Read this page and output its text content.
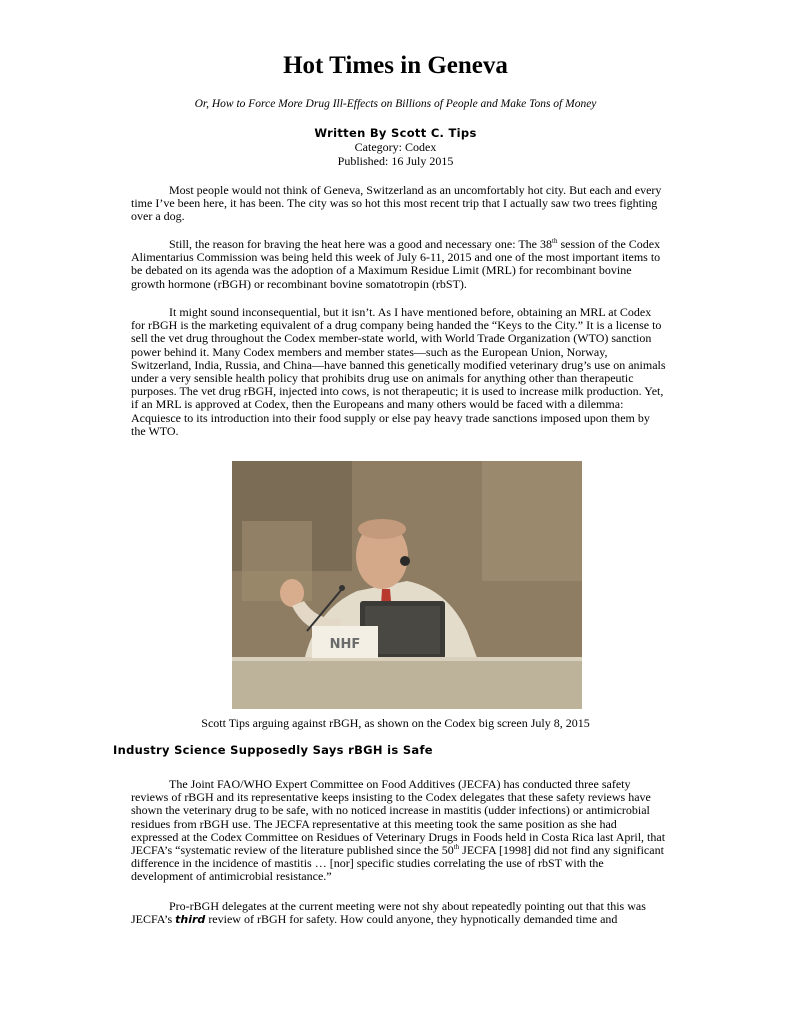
Hot Times in Geneva

Or, How to Force More Drug Ill-Effects on Billions of People and Make Tons of Money

Written By Scott C. Tips
Category: Codex
Published: 16 July 2015

Most people would not think of Geneva, Switzerland as an uncomfortably hot city. But each and every time I’ve been here, it has been. The city was so hot this most recent trip that I actually saw two trees fighting over a dog.

Still, the reason for braving the heat here was a good and necessary one: The 38th session of the Codex Alimentarius Commission was being held this week of July 6-11, 2015 and one of the most important items to be debated on its agenda was the adoption of a Maximum Residue Limit (MRL) for recombinant bovine growth hormone (rBGH) or recombinant bovine somatotropin (rbST).

It might sound inconsequential, but it isn’t. As I have mentioned before, obtaining an MRL at Codex for rBGH is the marketing equivalent of a drug company being handed the “Keys to the City.” It is a license to sell the vet drug throughout the Codex member-state world, with World Trade Organization (WTO) sanction power behind it. Many Codex members and member states—such as the European Union, Norway, Switzerland, India, Russia, and China—have banned this genetically modified veterinary drug’s use on animals under a very sensible health policy that prohibits drug use on animals for anything other than therapeutic purposes. The vet drug rBGH, injected into cows, is not therapeutic; it is used to increase milk production. Yet, if an MRL is approved at Codex, then the Europeans and many others would be faced with a dilemma: Acquiesce to its introduction into their food supply or else pay heavy trade sanctions imposed upon them by the WTO.

NHF

Scott Tips arguing against rBGH, as shown on the Codex big screen July 8, 2015

Industry Science Supposedly Says rBGH is Safe

The Joint FAO/WHO Expert Committee on Food Additives (JECFA) has conducted three safety reviews of rBGH and its representative keeps insisting to the Codex delegates that these safety reviews have shown the veterinary drug to be safe, with no noticed increase in mastitis (udder infections) or antimicrobial residues from rBGH use. The JECFA representative at this meeting took the same position as she had expressed at the Codex Committee on Residues of Veterinary Drugs in Foods held in Costa Rica last April, that JECFA’s “systematic review of the literature published since the 50th JECFA [1998] did not find any significant difference in the incidence of mastitis … [nor] specific studies correlating the use of rbST with the development of antimicrobial resistance.”

Pro-rBGH delegates at the current meeting were not shy about repeatedly pointing out that this was JECFA’s third review of rBGH for safety. How could anyone, they hypnotically demanded time and
